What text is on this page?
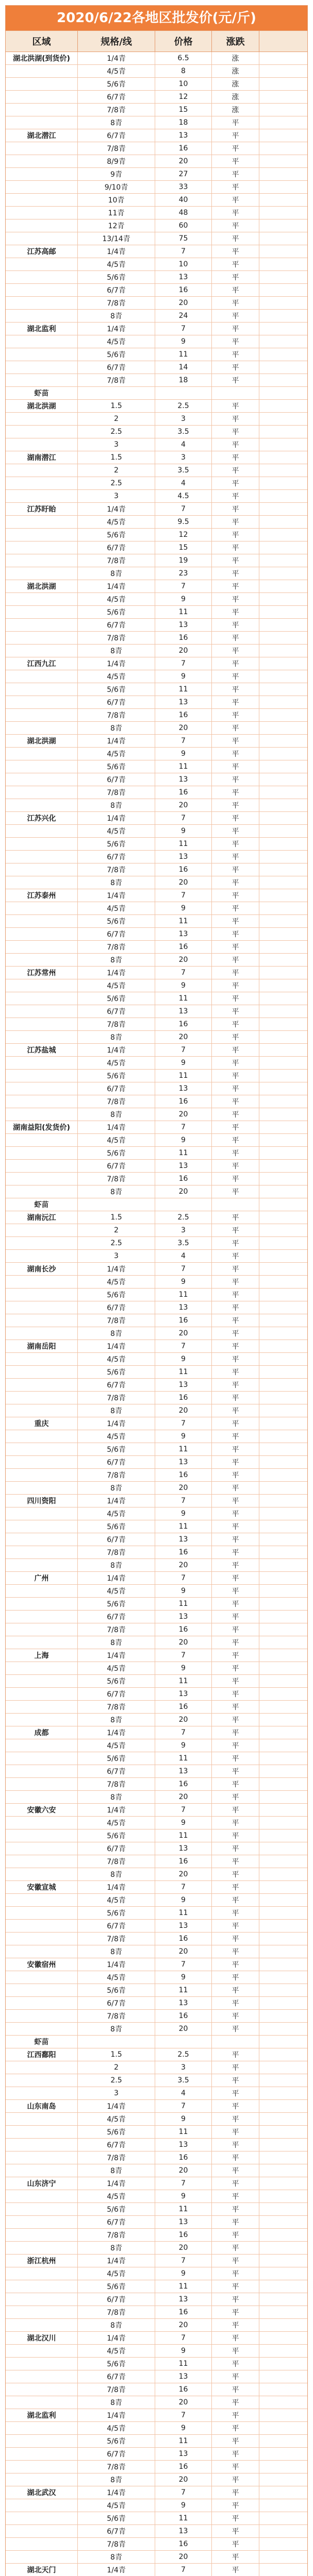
2020/6/22各地区批发价(元/斤)
区域	规格/线	价格	涨跌
湖北洪湖(到货价)	1/4青	6.5	涨
4/5青	8	涨
5/6青	10	涨
6/7青	12	涨
7/8青	15	涨
8青	18	平
湖北潜江	6/7青	13	平
7/8青	16	平
8/9青	20	平
9青	27	平
9/10青	33	平
10青	40	平
11青	48	平
12青	60	平
13/14青	75	平
江苏高邮	1/4青	7	平
4/5青	10	平
5/6青	13	平
6/7青	16	平
7/8青	20	平
8青	24	平
湖北监利	1/4青	7	平
4/5青	9	平
5/6青	11	平
6/7青	14	平
7/8青	18	平
虾苗
湖北洪湖	1.5	2.5	平
2	3	平
2.5	3.5	平
3	4	平
湖南潜江	1.5	3	平
2	3.5	平
2.5	4	平
3	4.5	平
江苏盱眙	1/4青	7	平
4/5青	9.5	平
5/6青	12	平
6/7青	15	平
7/8青	19	平
8青	23	平
湖北洪湖	1/4青	7	平
4/5青	9	平
5/6青	11	平
6/7青	13	平
7/8青	16	平
8青	20	平
江西九江	1/4青	7	平
4/5青	9	平
5/6青	11	平
6/7青	13	平
7/8青	16	平
8青	20	平
湖北洪湖	1/4青	7	平
4/5青	9	平
5/6青	11	平
6/7青	13	平
7/8青	16	平
8青	20	平
江苏兴化	1/4青	7	平
4/5青	9	平
5/6青	11	平
6/7青	13	平
7/8青	16	平
8青	20	平
江苏泰州	1/4青	7	平
4/5青	9	平
5/6青	11	平
6/7青	13	平
7/8青	16	平
8青	20	平
江苏常州	1/4青	7	平
4/5青	9	平
5/6青	11	平
6/7青	13	平
7/8青	16	平
8青	20	平
江苏盐城	1/4青	7	平
4/5青	9	平
5/6青	11	平
6/7青	13	平
7/8青	16	平
8青	20	平
湖南益阳(发货价)	1/4青	7	平
4/5青	9	平
5/6青	11	平
6/7青	13	平
7/8青	16	平
8青	20	平
虾苗
湖南沅江	1.5	2.5	平
2	3	平
2.5	3.5	平
3	4	平
湖南长沙	1/4青	7	平
4/5青	9	平
5/6青	11	平
6/7青	13	平
7/8青	16	平
8青	20	平
湖南岳阳	1/4青	7	平
4/5青	9	平
5/6青	11	平
6/7青	13	平
7/8青	16	平
8青	20	平
重庆	1/4青	7	平
4/5青	9	平
5/6青	11	平
6/7青	13	平
7/8青	16	平
8青	20	平
四川资阳	1/4青	7	平
4/5青	9	平
5/6青	11	平
6/7青	13	平
7/8青	16	平
8青	20	平
广州	1/4青	7	平
4/5青	9	平
5/6青	11	平
6/7青	13	平
7/8青	16	平
8青	20	平
上海	1/4青	7	平
4/5青	9	平
5/6青	11	平
6/7青	13	平
7/8青	16	平
8青	20	平
成都	1/4青	7	平
4/5青	9	平
5/6青	11	平
6/7青	13	平
7/8青	16	平
8青	20	平
安徽六安	1/4青	7	平
4/5青	9	平
5/6青	11	平
6/7青	13	平
7/8青	16	平
8青	20	平
安徽宣城	1/4青	7	平
4/5青	9	平
5/6青	11	平
6/7青	13	平
7/8青	16	平
8青	20	平
安徽宿州	1/4青	7	平
4/5青	9	平
5/6青	11	平
6/7青	13	平
7/8青	16	平
8青	20	平
虾苗
江西鄱阳	1.5	2.5	平
2	3	平
2.5	3.5	平
3	4	平
山东南岛	1/4青	7	平
4/5青	9	平
5/6青	11	平
6/7青	13	平
7/8青	16	平
8青	20	平
山东济宁	1/4青	7	平
4/5青	9	平
5/6青	11	平
6/7青	13	平
7/8青	16	平
8青	20	平
浙江杭州	1/4青	7	平
4/5青	9	平
5/6青	11	平
6/7青	13	平
7/8青	16	平
8青	20	平
湖北汉川	1/4青	7	平
4/5青	9	平
5/6青	11	平
6/7青	13	平
7/8青	16	平
8青	20	平
湖北监利	1/4青	7	平
4/5青	9	平
5/6青	11	平
6/7青	13	平
7/8青	16	平
8青	20	平
湖北武汉	1/4青	7	平
4/5青	9	平
5/6青	11	平
6/7青	13	平
7/8青	16	平
8青	20	平
湖北天门	1/4青	7	平
